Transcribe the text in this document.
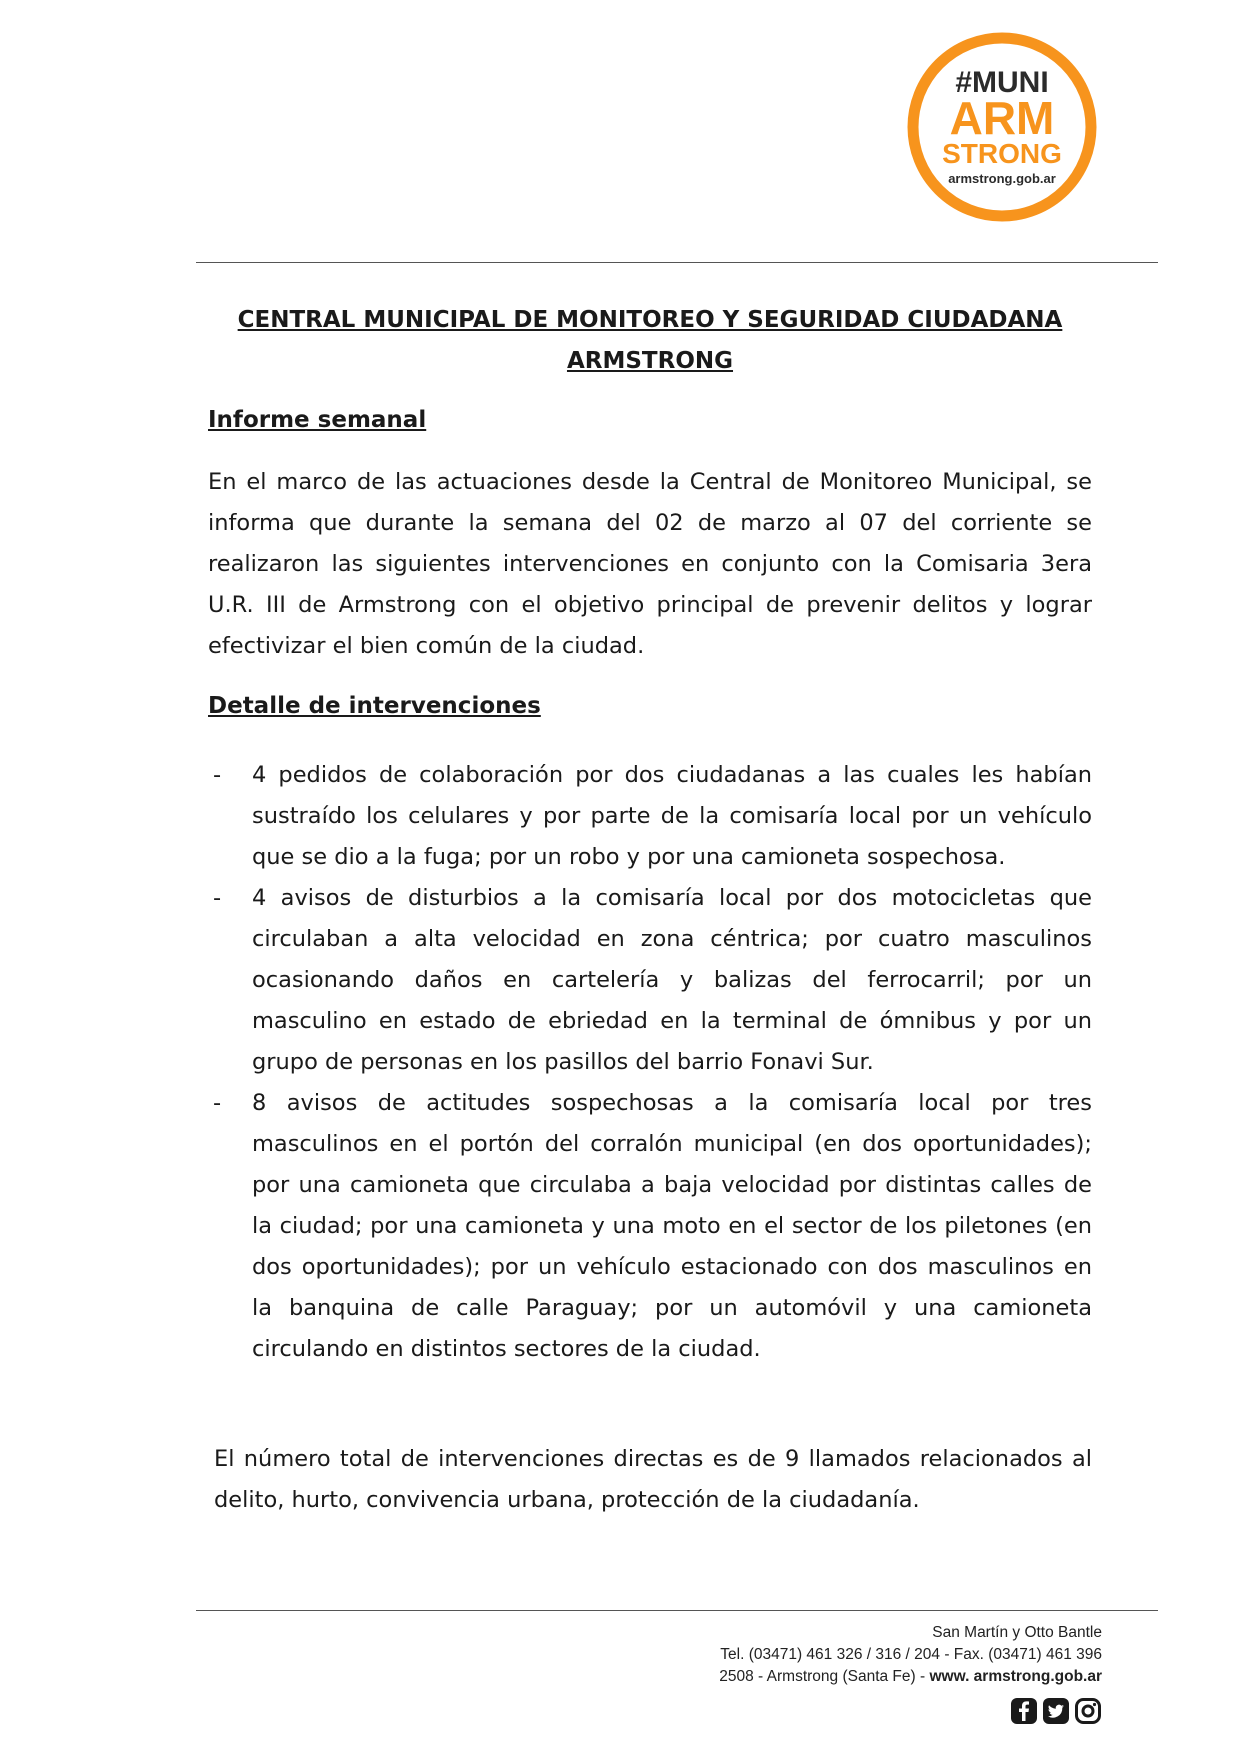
#MUNI
ARM
STRONG
armstrong.gob.ar
CENTRAL MUNICIPAL DE MONITOREO Y SEGURIDAD CIUDADANA
ARMSTRONG
Informe semanal
En el marco de las actuaciones desde la Central de Monitoreo Municipal, se informa que durante la semana del 02 de marzo al 07 del corriente se realizaron las siguientes intervenciones en conjunto con la Comisaria 3era U.R. III de Armstrong con el objetivo principal de prevenir delitos y lograr efectivizar el bien común de la ciudad.
Detalle de intervenciones
- 4 pedidos de colaboración por dos ciudadanas a las cuales les habían sustraído los celulares y por parte de la comisaría local por un vehículo que se dio a la fuga; por un robo y por una camioneta sospechosa.
- 4 avisos de disturbios a la comisaría local por dos motocicletas que circulaban a alta velocidad en zona céntrica; por cuatro masculinos ocasionando daños en cartelería y balizas del ferrocarril; por un masculino en estado de ebriedad en la terminal de ómnibus y por un grupo de personas en los pasillos del barrio Fonavi Sur.
- 8 avisos de actitudes sospechosas a la comisaría local por tres masculinos en el portón del corralón municipal (en dos oportunidades); por una camioneta que circulaba a baja velocidad por distintas calles de la ciudad; por una camioneta y una moto en el sector de los piletones (en dos oportunidades); por un vehículo estacionado con dos masculinos en la banquina de calle Paraguay; por un automóvil y una camioneta circulando en distintos sectores de la ciudad.
El número total de intervenciones directas es de 9 llamados relacionados al delito, hurto, convivencia urbana, protección de la ciudadanía.
San Martín y Otto Bantle
Tel. (03471) 461 326 / 316 / 204 - Fax. (03471) 461 396
2508 - Armstrong (Santa Fe) - www. armstrong.gob.ar
